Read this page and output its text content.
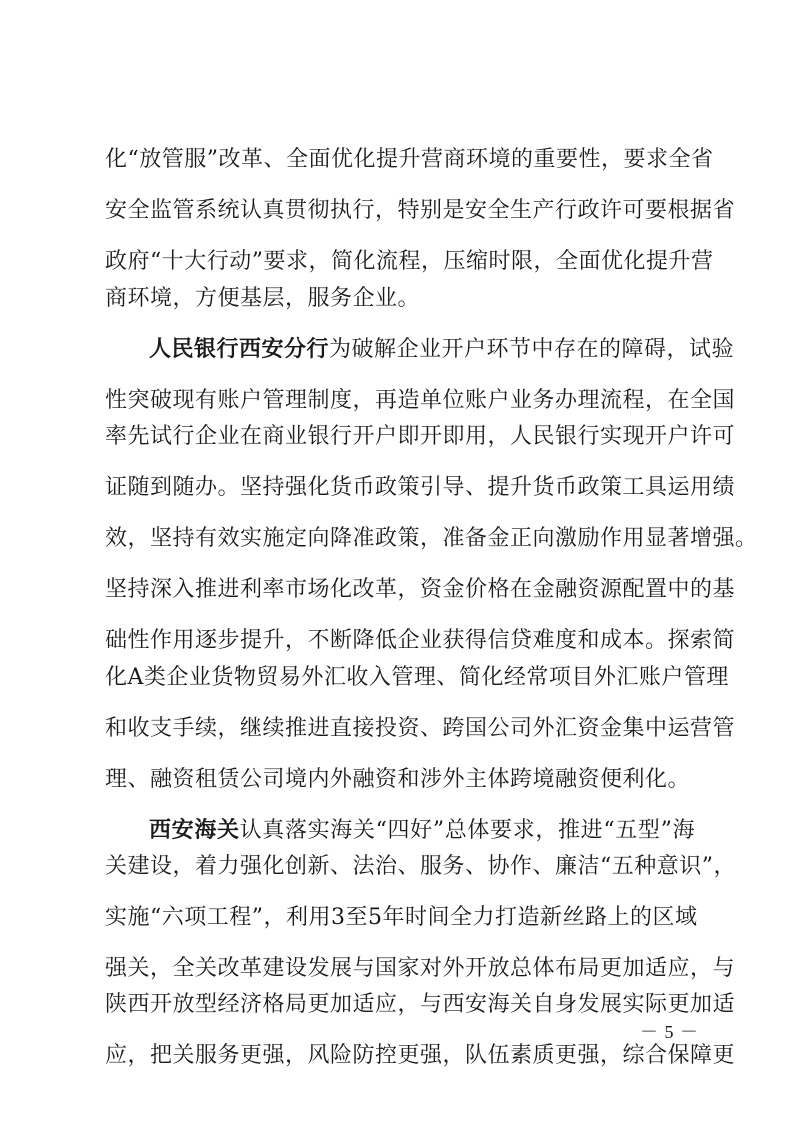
化“放管服”改革、全面优化提升营商环境的重要性，要求全省
安全监管系统认真贯彻执行，特别是安全生产行政许可要根据省
政府“十大行动”要求，简化流程，压缩时限，全面优化提升营
商环境，方便基层，服务企业。
人民银行西安分行为破解企业开户环节中存在的障碍，试验
性突破现有账户管理制度，再造单位账户业务办理流程，在全国
率先试行企业在商业银行开户即开即用，人民银行实现开户许可
证随到随办。坚持强化货币政策引导、提升货币政策工具运用绩
效，坚持有效实施定向降准政策，准备金正向激励作用显著增强。
坚持深入推进利率市场化改革，资金价格在金融资源配置中的基
础性作用逐步提升，不断降低企业获得信贷难度和成本。探索简
化A类企业货物贸易外汇收入管理、简化经常项目外汇账户管理
和收支手续，继续推进直接投资、跨国公司外汇资金集中运营管
理、融资租赁公司境内外融资和涉外主体跨境融资便利化。
西安海关认真落实海关“四好”总体要求，推进“五型”海
关建设，着力强化创新、法治、服务、协作、廉洁“五种意识”，
实施“六项工程”，利用3至5年时间全力打造新丝路上的区域
强关，全关改革建设发展与国家对外开放总体布局更加适应，与
陕西开放型经济格局更加适应，与西安海关自身发展实际更加适
应，把关服务更强，风险防控更强，队伍素质更强，综合保障更
－ 5 －
